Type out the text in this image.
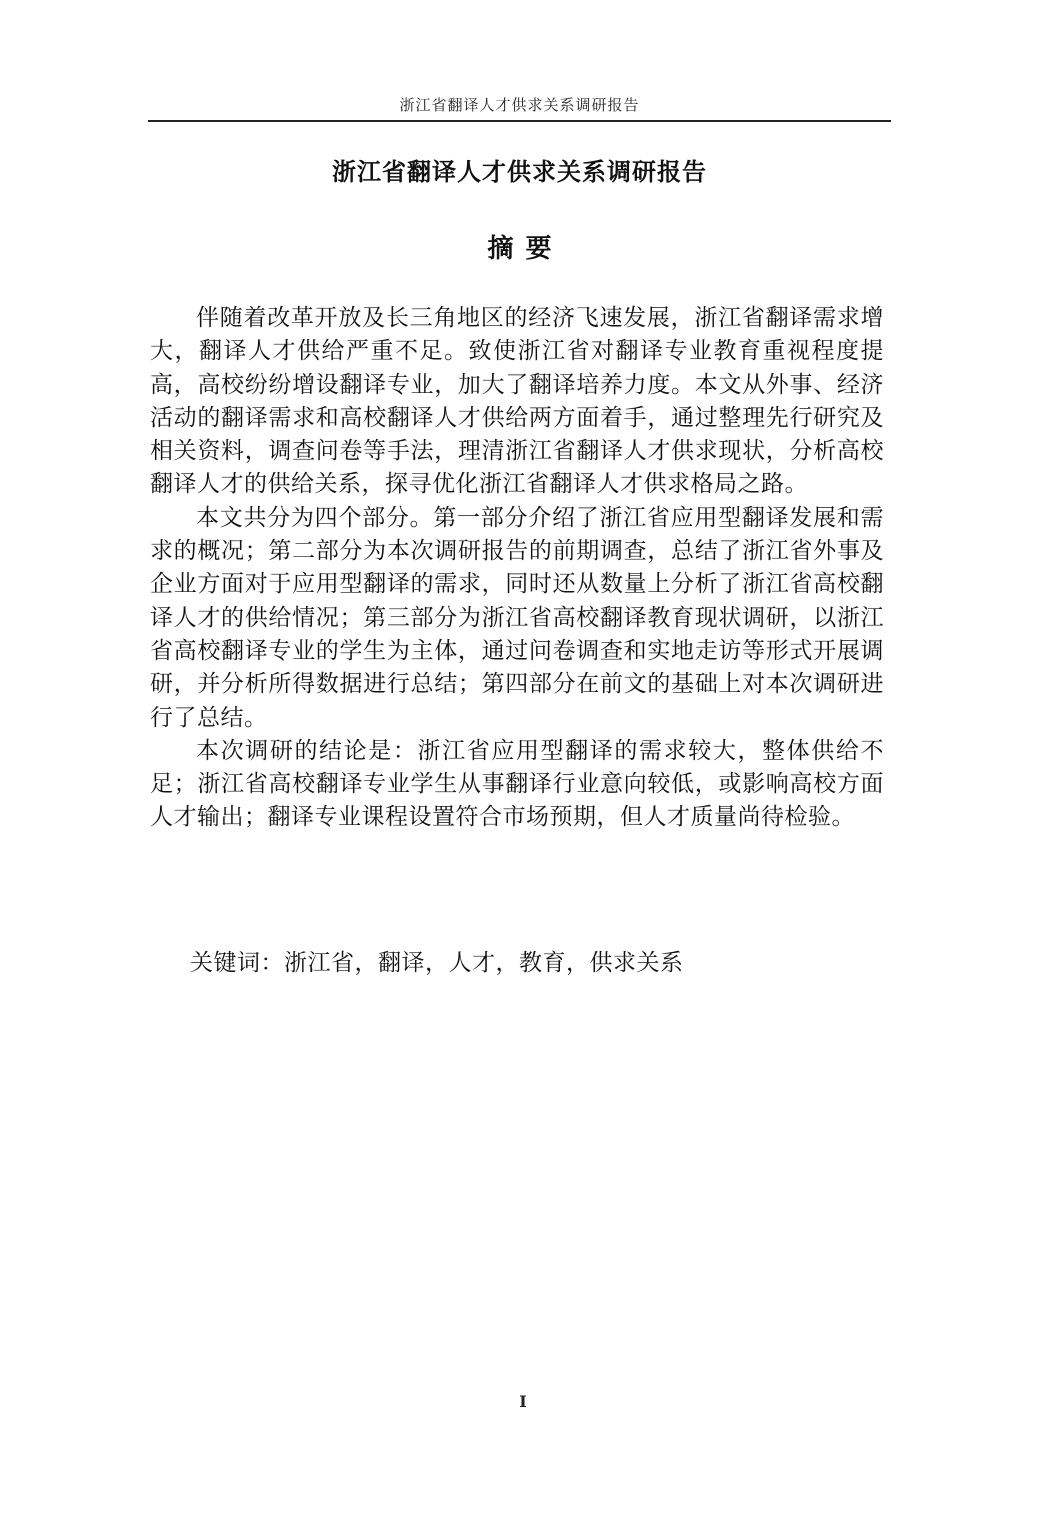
浙江省翻译人才供求关系调研报告
浙江省翻译人才供求关系调研报告
摘要

伴随着改革开放及长三角地区的经济飞速发展，浙江省翻译需求增大，翻译人才供给严重不足。致使浙江省对翻译专业教育重视程度提高，高校纷纷增设翻译专业，加大了翻译培养力度。本文从外事、经济活动的翻译需求和高校翻译人才供给两方面着手，通过整理先行研究及相关资料，调查问卷等手法，理清浙江省翻译人才供求现状，分析高校翻译人才的供给关系，探寻优化浙江省翻译人才供求格局之路。

本文共分为四个部分。第一部分介绍了浙江省应用型翻译发展和需求的概况；第二部分为本次调研报告的前期调查，总结了浙江省外事及企业方面对于应用型翻译的需求，同时还从数量上分析了浙江省高校翻译人才的供给情况；第三部分为浙江省高校翻译教育现状调研，以浙江省高校翻译专业的学生为主体，通过问卷调查和实地走访等形式开展调研，并分析所得数据进行总结；第四部分在前文的基础上对本次调研进行了总结。

本次调研的结论是：浙江省应用型翻译的需求较大，整体供给不足；浙江省高校翻译专业学生从事翻译行业意向较低，或影响高校方面人才输出；翻译专业课程设置符合市场预期，但人才质量尚待检验。

关键词：浙江省，翻译，人才，教育，供求关系
I
